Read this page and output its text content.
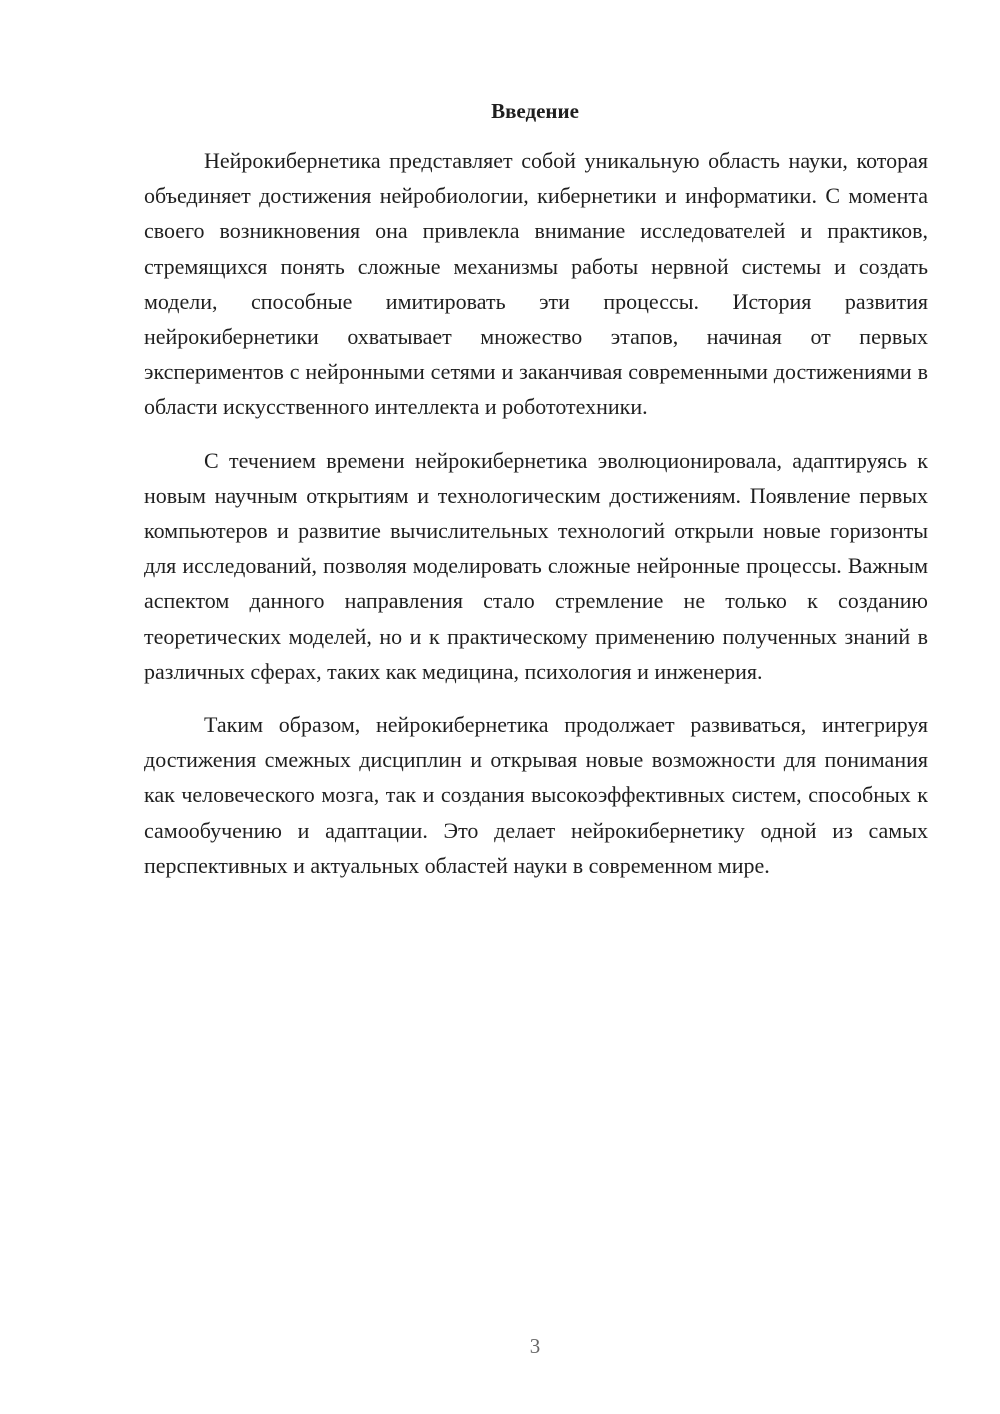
Введение

Нейрокибернетика представляет собой уникальную область науки, которая объединяет достижения нейробиологии, кибернетики и информатики. С момента своего возникновения она привлекла внимание исследователей и практиков, стремящихся понять сложные механизмы работы нервной системы и создать модели, способные имитировать эти процессы. История развития нейрокибернетики охватывает множество этапов, начиная от первых экспериментов с нейронными сетями и заканчивая современными достижениями в области искусственного интеллекта и робототехники.

С течением времени нейрокибернетика эволюционировала, адаптируясь к новым научным открытиям и технологическим достижениям. Появление первых компьютеров и развитие вычислительных технологий открыли новые горизонты для исследований, позволяя моделировать сложные нейронные процессы. Важным аспектом данного направления стало стремление не только к созданию теоретических моделей, но и к практическому применению полученных знаний в различных сферах, таких как медицина, психология и инженерия.

Таким образом, нейрокибернетика продолжает развиваться, интегрируя достижения смежных дисциплин и открывая новые возможности для понимания как человеческого мозга, так и создания высокоэффективных систем, способных к самообучению и адаптации. Это делает нейрокибернетику одной из самых перспективных и актуальных областей науки в современном мире.

3
